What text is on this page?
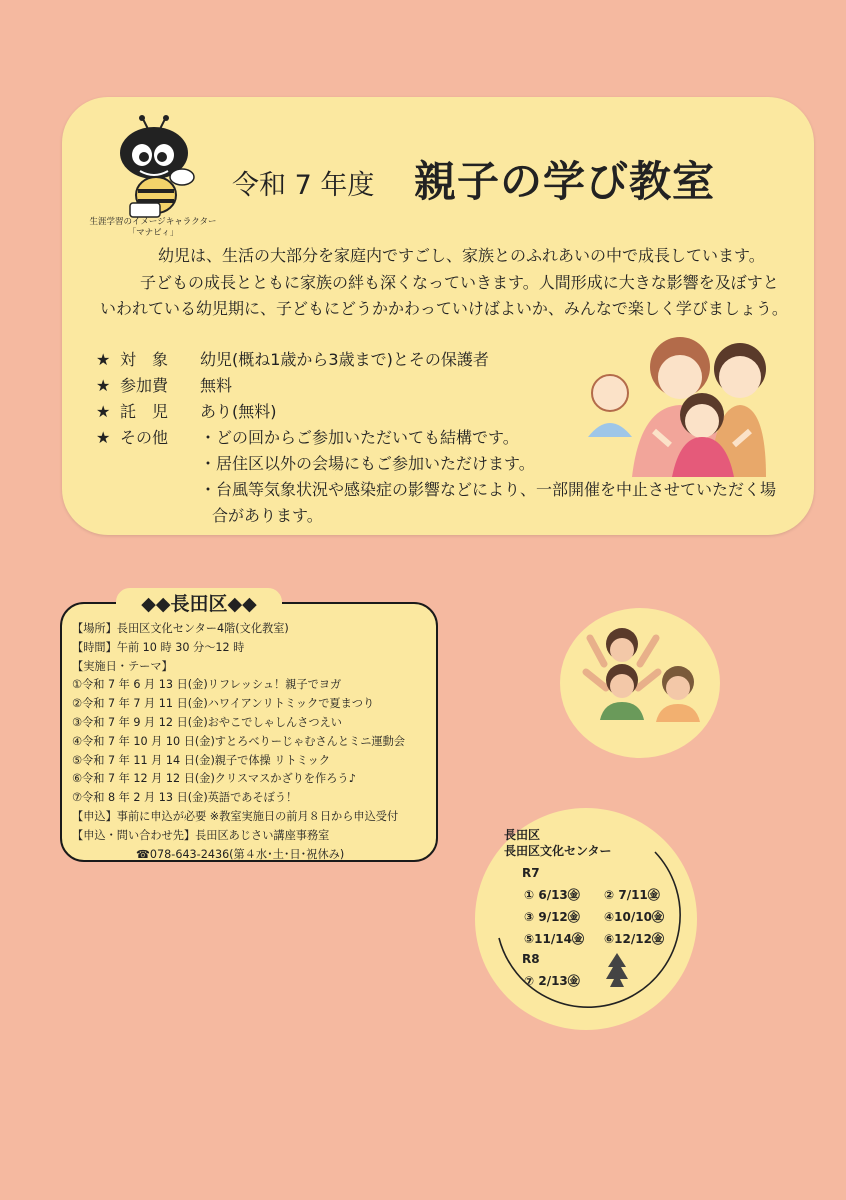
生涯学習のイメージキャラクター
「マナビィ」
令和 7 年度 親子の学び教室

幼児は、生活の大部分を家庭内ですごし、家族とのふれあいの中で成長しています。

子どもの成長とともに家族の絆も深くなっていきます。人間形成に大きな影響を及ぼすと

いわれている幼児期に、子どもにどうかかわっていけばよいか、みんなで楽しく学びましょう。

★ 対　象	幼児(概ね1歳から3歳まで)とその保護者
★ 参加費	無料
★ 託　児	あり(無料)
★ その他	・どの回からご参加いただいても結構です。
・居住区以外の会場にもご参加いただけます。
・台風等気象状況や感染症の影響などにより、一部開催を中止させていただく場
合があります。
◆◆長田区◆◆
【場所】長田区文化センター4階(文化教室)
【時間】午前 10 時 30 分～12 時
【実施日・テーマ】
①令和 7 年 6 月 13 日(金)リフレッシュ！親子でヨガ
②令和 7 年 7 月 11 日(金)ハワイアンリトミックで夏まつり
③令和 7 年 9 月 12 日(金)おやこでしゃしんさつえい
④令和 7 年 10 月 10 日(金)すとろべりーじゃむさんとミニ運動会
⑤令和 7 年 11 月 14 日(金)親子で体操 リトミック
⑥令和 7 年 12 月 12 日(金)クリスマスかざりを作ろう♪
⑦令和 8 年 2 月 13 日(金)英語であそぼう！
【申込】事前に申込が必要 ※教室実施日の前月８日から申込受付
【申込・問い合わせ先】長田区あじさい講座事務室
☎078-643-2436(第４水･土･日･祝休み)
長田区
長田区文化センター
R7
① 6/13㊎ ② 7/11㊎
③ 9/12㊎ ④10/10㊎
⑤11/14㊎ ⑥12/12㊎
R8
⑦ 2/13㊎
